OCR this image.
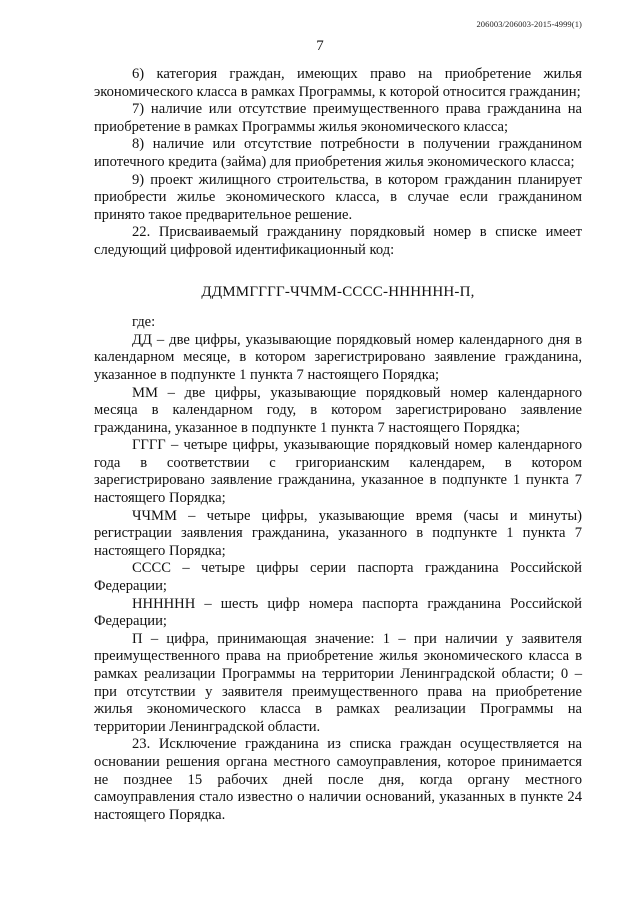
206003/206003-2015-4999(1)
7

6) категория граждан, имеющих право на приобретение жилья экономического класса в рамках Программы, к которой относится гражданин;

7) наличие или отсутствие преимущественного права гражданина на приобретение в рамках Программы жилья экономического класса;

8) наличие или отсутствие потребности в получении гражданином ипотечного кредита (займа) для приобретения жилья экономического класса;

9) проект жилищного строительства, в котором гражданин планирует приобрести жилье экономического класса, в случае если гражданином принято такое предварительное решение.

22. Присваиваемый гражданину порядковый номер в списке имеет следующий цифровой идентификационный код:

ДДММГГГГ-ЧЧММ-СССС-НННННН-П,

где:

ДД – две цифры, указывающие порядковый номер календарного дня в календарном месяце, в котором зарегистрировано заявление гражданина, указанное в подпункте 1 пункта 7 настоящего Порядка;

ММ – две цифры, указывающие порядковый номер календарного месяца в календарном году, в котором зарегистрировано заявление гражданина, указанное в подпункте 1 пункта 7 настоящего Порядка;

ГГГГ – четыре цифры, указывающие порядковый номер календарного года в соответствии с григорианским календарем, в котором зарегистрировано заявление гражданина, указанное в подпункте 1 пункта 7 настоящего Порядка;

ЧЧММ – четыре цифры, указывающие время (часы и минуты) регистрации заявления гражданина, указанного в подпункте 1 пункта 7 настоящего Порядка;

СССС – четыре цифры серии паспорта гражданина Российской Федерации;

НННННН – шесть цифр номера паспорта гражданина Российской Федерации;

П – цифра, принимающая значение: 1 – при наличии у заявителя преимущественного права на приобретение жилья экономического класса в рамках реализации Программы на территории Ленинградской области; 0 – при отсутствии у заявителя преимущественного права на приобретение жилья экономического класса в рамках реализации Программы на территории Ленинградской области.

23. Исключение гражданина из списка граждан осуществляется на основании решения органа местного самоуправления, которое принимается не позднее 15 рабочих дней после дня, когда органу местного самоуправления стало известно о наличии оснований, указанных в пункте 24 настоящего Порядка.
